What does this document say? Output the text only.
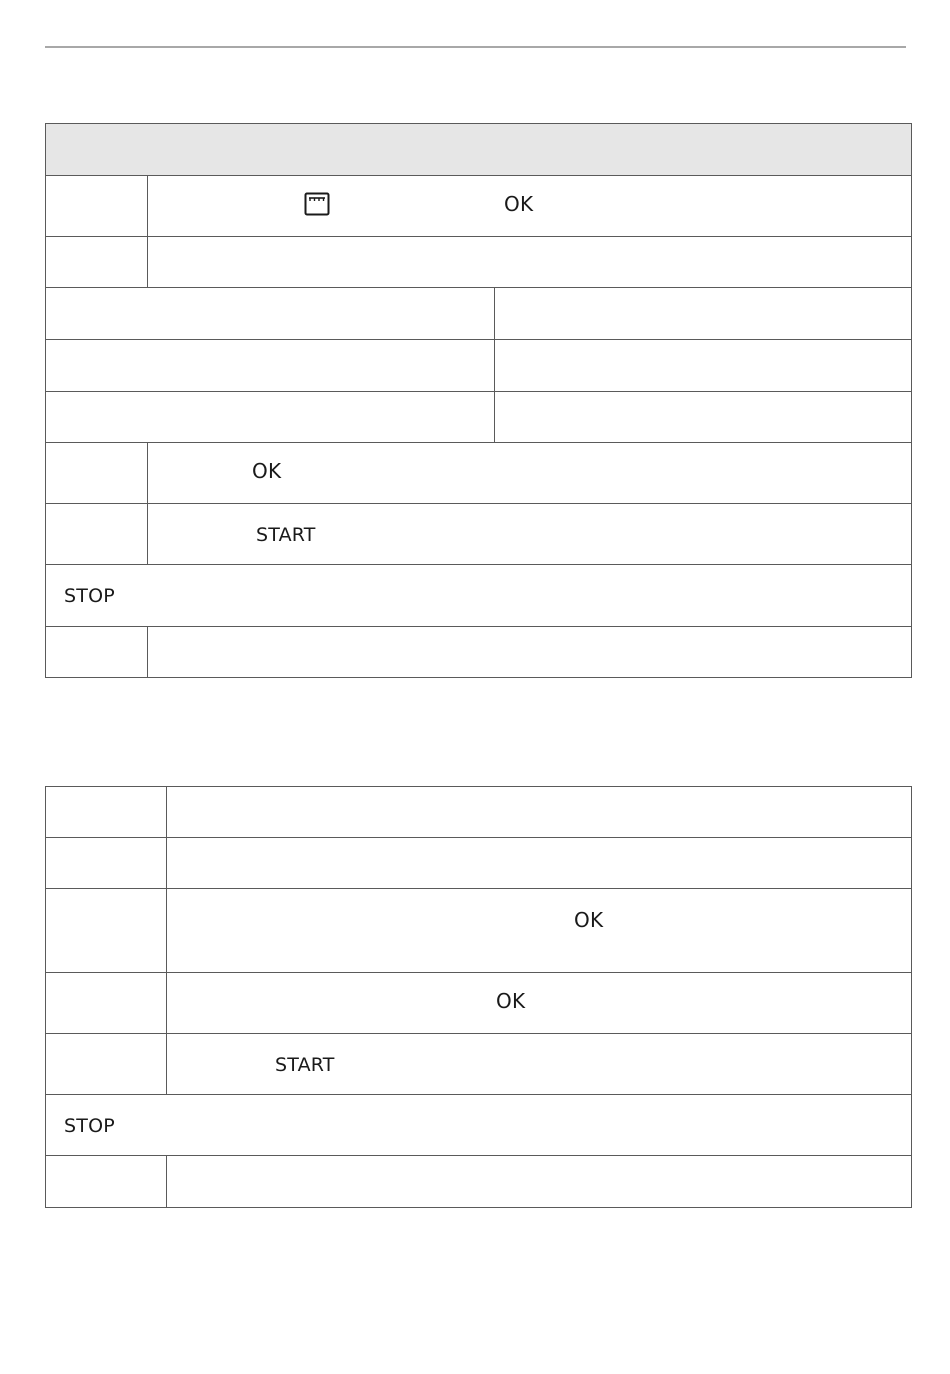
OK
OK
START
STOP
OK
OK
START
STOP
